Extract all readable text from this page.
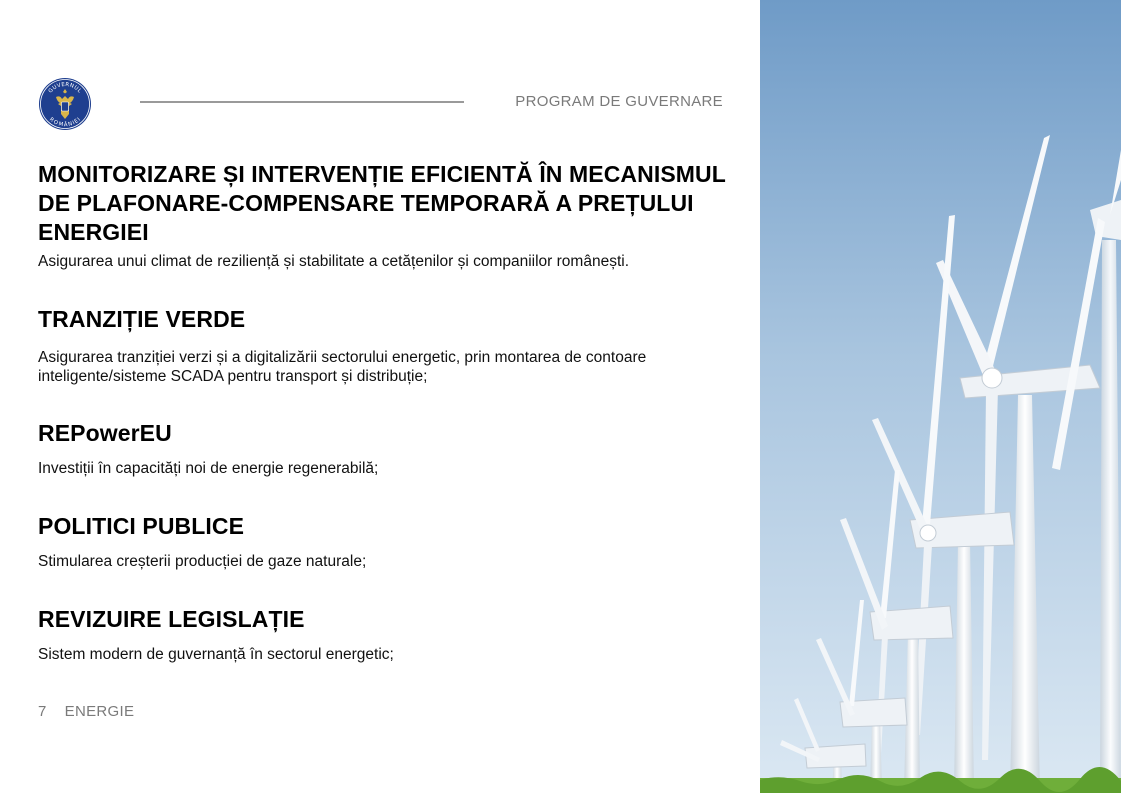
GUVERNUL
ROMÂNIEI
PROGRAM DE GUVERNARE
MONITORIZARE ȘI INTERVENȚIE EFICIENTĂ ÎN MECANISMUL DE PLAFONARE-COMPENSARE TEMPORARĂ A PREȚULUI ENERGIEI

Asigurarea unui climat de reziliență și stabilitate a cetățenilor și companiilor românești.

TRANZIȚIE VERDE

Asigurarea tranziției verzi și a digitalizării sectorului energetic, prin montarea de contoare inteligente/sisteme SCADA pentru transport și distribuție;

REPowerEU

Investiții în capacități noi de energie regenerabilă;

POLITICI PUBLICE

Stimularea creșterii producției de gaze naturale;

REVIZUIRE LEGISLAȚIE

Sistem modern de guvernanță în sectorul energetic;

7 ENERGIE
